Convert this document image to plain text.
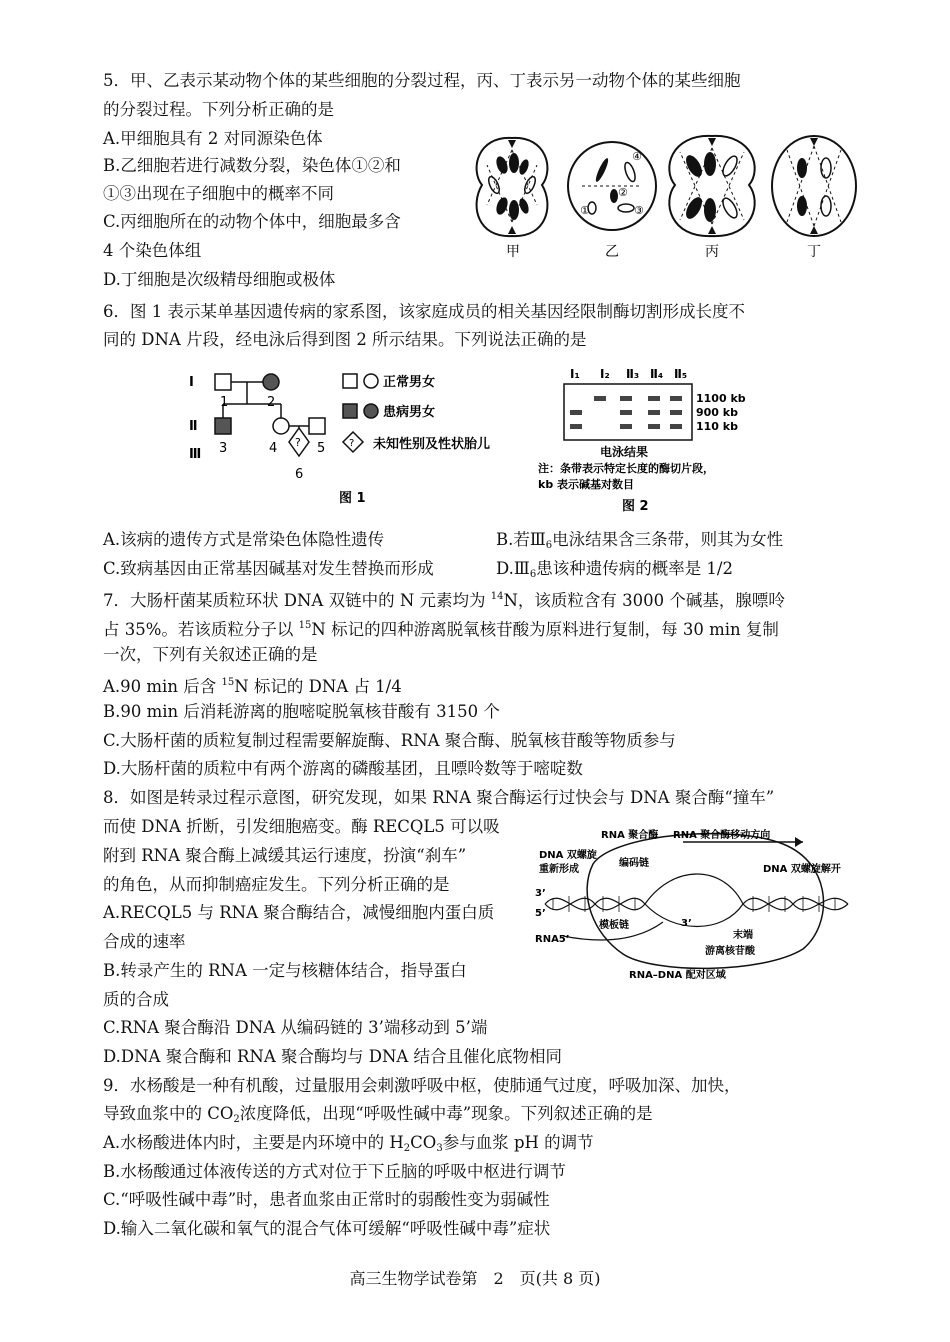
5．甲、乙表示某动物个体的某些细胞的分裂过程，丙、丁表示另一动物个体的某些细胞
的分裂过程。下列分析正确的是
A.甲细胞具有 2 对同源染色体
B.乙细胞若进行减数分裂，染色体①②和
①③出现在子细胞中的概率不同
C.丙细胞所在的动物个体中，细胞最多含
4 个染色体组
D.丁细胞是次级精母细胞或极体
④
②
①	③
甲	乙	丙	丁
6．图 1 表示某单基因遗传病的家系图，该家庭成员的相关基因经限制酶切割形成长度不
同的 DNA 片段，经电泳后得到图 2 所示结果。下列说法正确的是
Ⅰ
Ⅱ
Ⅲ
1	2
3	4	5
6
?
正常男女
患病男女
? 未知性别及性状胎儿
图 1
Ⅰ₁ Ⅰ₂ Ⅱ₃ Ⅱ₄ Ⅱ₅
1100 kb
900 kb
110 kb
电泳结果
注：条带表示特定长度的酶切片段，
kb 表示碱基对数目
图 2
A.该病的遗传方式是常染色体隐性遗传	B.若$Ⅲ_6$电泳结果含三条带，则其为女性
C.致病基因由正常基因碱基对发生替换而形成	$D.Ⅲ_6$患该种遗传病的概率是 1/2
7．大肠杆菌某质粒环状 DNA 双链中的 N 元素均为 $^{14}$N，该质粒含有 3000 个碱基，腺嘌呤
占 35%。若该质粒分子以 $^{15}$N 标记的四种游离脱氧核苷酸为原料进行复制，每 30 min 复制
一次，下列有关叙述正确的是
A.90 min 后含 $^{15}$N 标记的 DNA 占 1/4
B.90 min 后消耗游离的胞嘧啶脱氧核苷酸有 3150 个
C.大肠杆菌的质粒复制过程需要解旋酶、RNA 聚合酶、脱氧核苷酸等物质参与
D.大肠杆菌的质粒中有两个游离的磷酸基团，且嘌呤数等于嘧啶数
8．如图是转录过程示意图，研究发现，如果 RNA 聚合酶运行过快会与 DNA 聚合酶“撞车”
而使 DNA 折断，引发细胞癌变。酶 RECQL5 可以吸
附到 RNA 聚合酶上减缓其运行速度，扮演“刹车”
的角色，从而抑制癌症发生。下列分析正确的是
A.RECQL5 与 RNA 聚合酶结合，减慢细胞内蛋白质
合成的速率
B.转录产生的 RNA 一定与核糖体结合，指导蛋白
质的合成
C.RNA 聚合酶沿 DNA 从编码链的 3’端移动到 5’端
D.DNA 聚合酶和 RNA 聚合酶均与 DNA 结合且催化底物相同
RNA 聚合酶 RNA 聚合酶移动方向
DNA 双螺旋
重新形成
编码链
DNA 双螺旋解开
模板链
末端
游离核苷酸
RNA–DNA 配对区域
RNA5’
3’
5’
3’
9．水杨酸是一种有机酸，过量服用会刺激呼吸中枢，使肺通气过度，呼吸加深、加快，
导致血浆中的 $CO_2$浓度降低，出现“呼吸性碱中毒”现象。下列叙述正确的是
A.水杨酸进体内时，主要是内环境中的 $H_2CO_3$参与血浆 pH 的调节
B.水杨酸通过体液传送的方式对位于下丘脑的呼吸中枢进行调节
C.“呼吸性碱中毒”时，患者血浆由正常时的弱酸性变为弱碱性
D.输入二氧化碳和氧气的混合气体可缓解“呼吸性碱中毒”症状
高三生物学试卷第　2　页(共 8 页)
